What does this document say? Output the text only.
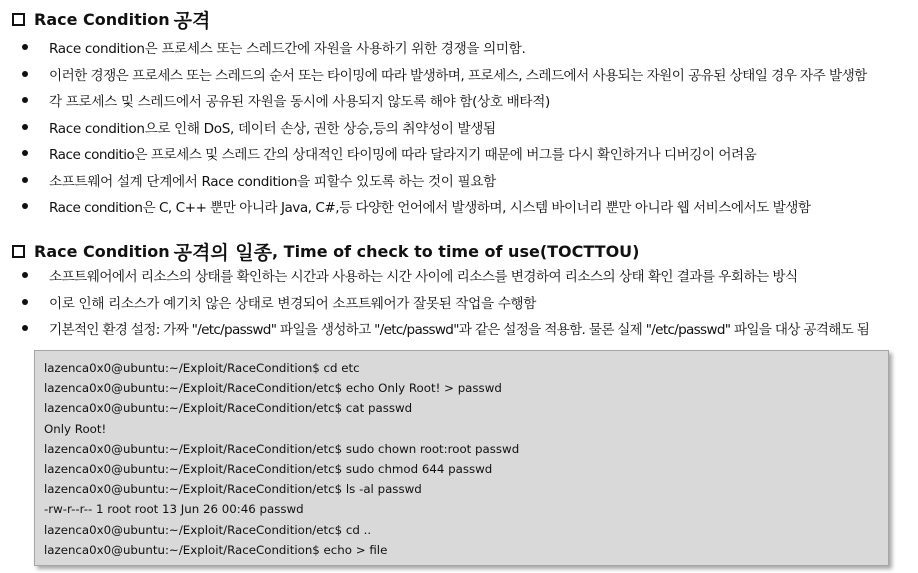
Race Condition 공격
Race condition은 프로세스 또는 스레드간에 자원을 사용하기 위한 경쟁을 의미함.
이러한 경쟁은 프로세스 또는 스레드의 순서 또는 타이밍에 따라 발생하며, 프로세스, 스레드에서 사용되는 자원이 공유된 상태일 경우 자주 발생함
각 프로세스 및 스레드에서 공유된 자원을 동시에 사용되지 않도록 해야 함(상호 배타적)
Race condition으로 인해 DoS, 데이터 손상, 권한 상승,등의 취약성이 발생됨
Race conditio은 프로세스 및 스레드 간의 상대적인 타이밍에 따라 달라지기 때문에 버그를 다시 확인하거나 디버깅이 어려움
소프트웨어 설계 단계에서 Race condition을 피할수 있도록 하는 것이 필요함
Race condition은 C, C++ 뿐만 아니라 Java, C#,등 다양한 언어에서 발생하며, 시스템 바이너리 뿐만 아니라 웹 서비스에서도 발생함
Race Condition 공격의 일종 , Time of check to time of use(TOCTTOU)
소프트웨어에서 리소스의 상태를 확인하는 시간과 사용하는 시간 사이에 리소스를 변경하여 리소스의 상태 확인 결과를 우회하는 방식
이로 인해 리소스가 예기치 않은 상태로 변경되어 소프트웨어가 잘못된 작업을 수행함
기본적인 환경 설정: 가짜 "/etc/passwd" 파일을 생성하고 "/etc/passwd"과 같은 설정을 적용함. 물론 실제 "/etc/passwd" 파일을 대상 공격해도 됨
lazenca0x0@ubuntu:~/Exploit/RaceCondition$ cd etc
lazenca0x0@ubuntu:~/Exploit/RaceCondition/etc$ echo Only Root! > passwd
lazenca0x0@ubuntu:~/Exploit/RaceCondition/etc$ cat passwd
Only Root!
lazenca0x0@ubuntu:~/Exploit/RaceCondition/etc$ sudo chown root:root passwd
lazenca0x0@ubuntu:~/Exploit/RaceCondition/etc$ sudo chmod 644 passwd
lazenca0x0@ubuntu:~/Exploit/RaceCondition/etc$ ls -al passwd
-rw-r--r-- 1 root root 13 Jun 26 00:46 passwd
lazenca0x0@ubuntu:~/Exploit/RaceCondition/etc$ cd ..
lazenca0x0@ubuntu:~/Exploit/RaceCondition$ echo > file
